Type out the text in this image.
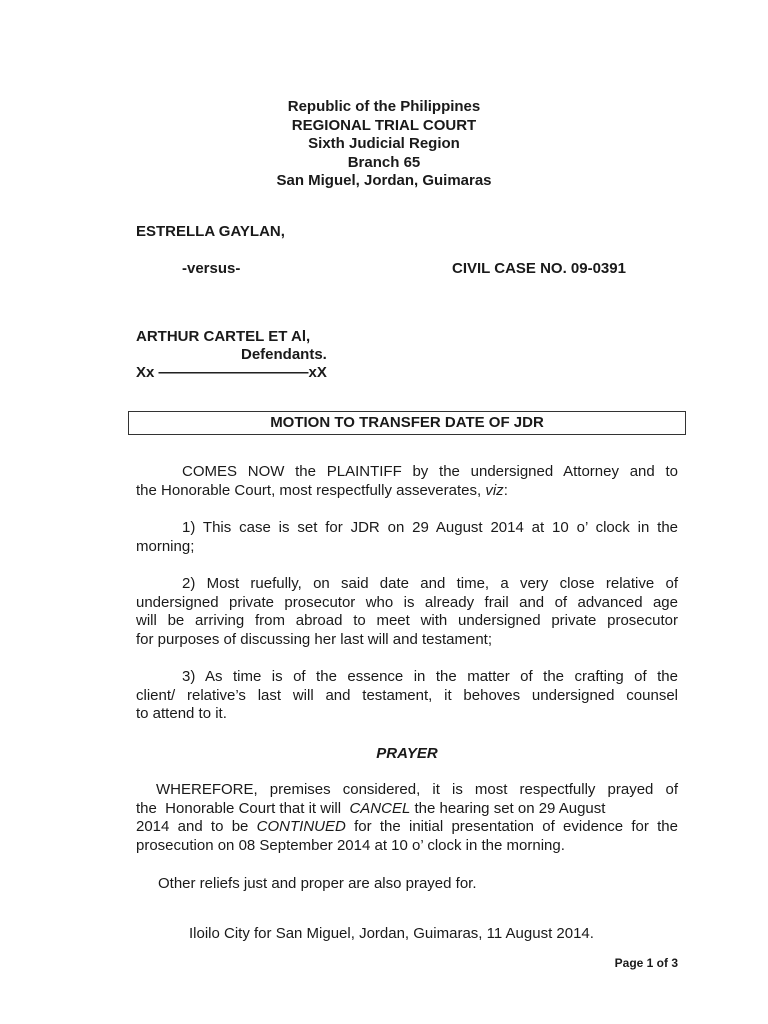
Republic of the Philippines
REGIONAL TRIAL COURT
Sixth Judicial Region
Branch 65
San Miguel, Jordan, Guimaras
ESTRELLA GAYLAN,
-versus-	CIVIL CASE NO. 09-0391
ARTHUR CARTEL ET Al,
Defendants.
Xx ——————————xX
MOTION TO TRANSFER DATE OF JDR
COMES NOW the PLAINTIFF by the undersigned Attorney and to
the Honorable Court, most respectfully asseverates, viz:
1) This case is set for JDR on 29 August 2014 at 10 o’ clock in the
morning;
2) Most ruefully, on said date and time, a very close relative of
undersigned private prosecutor who is already frail and of advanced age
will be arriving from abroad to meet with undersigned private prosecutor
for purposes of discussing her last will and testament;
3) As time is of the essence in the matter of the crafting of the
client/ relative’s last will and testament, it behoves undersigned counsel
to attend to it.
PRAYER
WHEREFORE, premises considered, it is most respectfully prayed of
the  Honorable Court that it will  CANCEL the hearing set on 29 August
2014 and to be CONTINUED for the initial presentation of evidence for the
prosecution on 08 September 2014 at 10 o’ clock in the morning.
Other reliefs just and proper are also prayed for.
Iloilo City for San Miguel, Jordan, Guimaras, 11 August 2014.
Page 1 of 3
